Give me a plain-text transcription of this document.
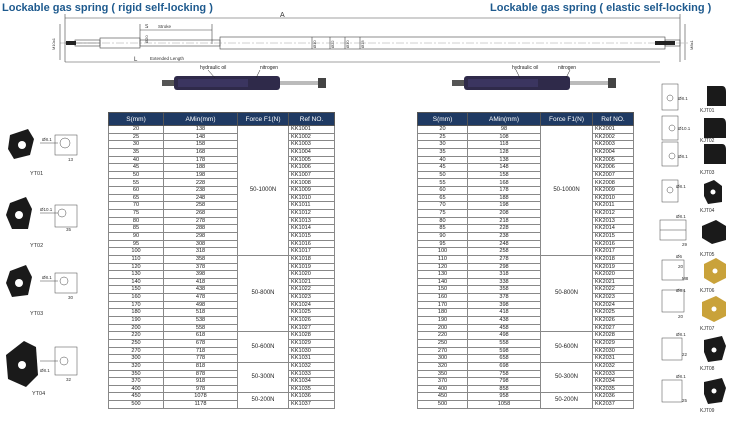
Lockable gas spring ( rigid self-locking )	Lockable gas spring ( elastic self-locking )
A
S Stroke
L	Extended Length
M10x1	M8x1
Ø20
Ø10	Ø22	Ø10	Ø18
hydraulic oil	nitrogen	hydraulic oil	nitrogen
S(mm)	AMin(mm)	Force F1(N)	Ref NO.
20	138	50-1000N	KK1001
25	148		KK1002
30	158		KK1003
35	168		KK1004
40	178		KK1005
45	188		KK1006
50	198		KK1007
55	228		KK1008
60	238		KK1009
65	248		KK1010
70	258		KK1011
75	268		KK1012
80	278		KK1013
85	288		KK1014
90	298		KK1015
95	308		KK1016
100	318		KK1017
110	358	50-800N	KK1018
120	378		KK1019
130	398		KK1020
140	418		KK1021
150	438		KK1022
160	478		KK1023
170	498		KK1024
180	518		KK1025
190	538		KK1026
200	558		KK1027
220	618	50-600N	KK1028
250	678		KK1029
270	718		KK1030
300	778		KK1031
320	818	50-300N	KK1032
350	878		KK1033
370	918		KK1034
400	978		KK1035
450	1078	50-200N	KK1036
500	1178		KK1037
S(mm)	AMin(mm)	Force F1(N)	Ref NO.
20	98	50-1000N	KK2001
25	108		KK2002
30	118		KK2003
35	128		KK2004
40	138		KK2005
45	148		KK2006
50	158		KK2007
55	168		KK2008
60	178		KK2009
65	188		KK2010
70	198		KK2011
75	208		KK2012
80	218		KK2013
85	228		KK2014
90	238		KK2015
95	248		KK2016
100	258		KK2017
110	278	50-800N	KK2018
120	298		KK2019
130	318		KK2020
140	338		KK2021
150	358		KK2022
160	378		KK2023
170	398		KK2024
180	418		KK2025
190	438		KK2026
200	458		KK2027
220	498	50-600N	KK2028
250	558		KK2029
270	598		KK2030
300	658		KK2031
320	698	50-300N	KK2032
350	758		KK2033
370	798		KK2034
400	858		KK2035
450	958	50-200N	KK2036
500	1058		KK2037
Ø8.1
13
YT01
Ø10.1
35
YT02
Ø8.1
30
YT03
Ø8.1
32
YT04
Ø8.1
KJT01
Ø10.1
KJT02
Ø8.1
KJT03
Ø8.1
KJT04
Ø8.1
29
KJT05
Ø6
M8
20
KJT06
Ø8.1
20
KJT07
Ø8.1
22
KJT08
Ø8.1
25
KJT09
